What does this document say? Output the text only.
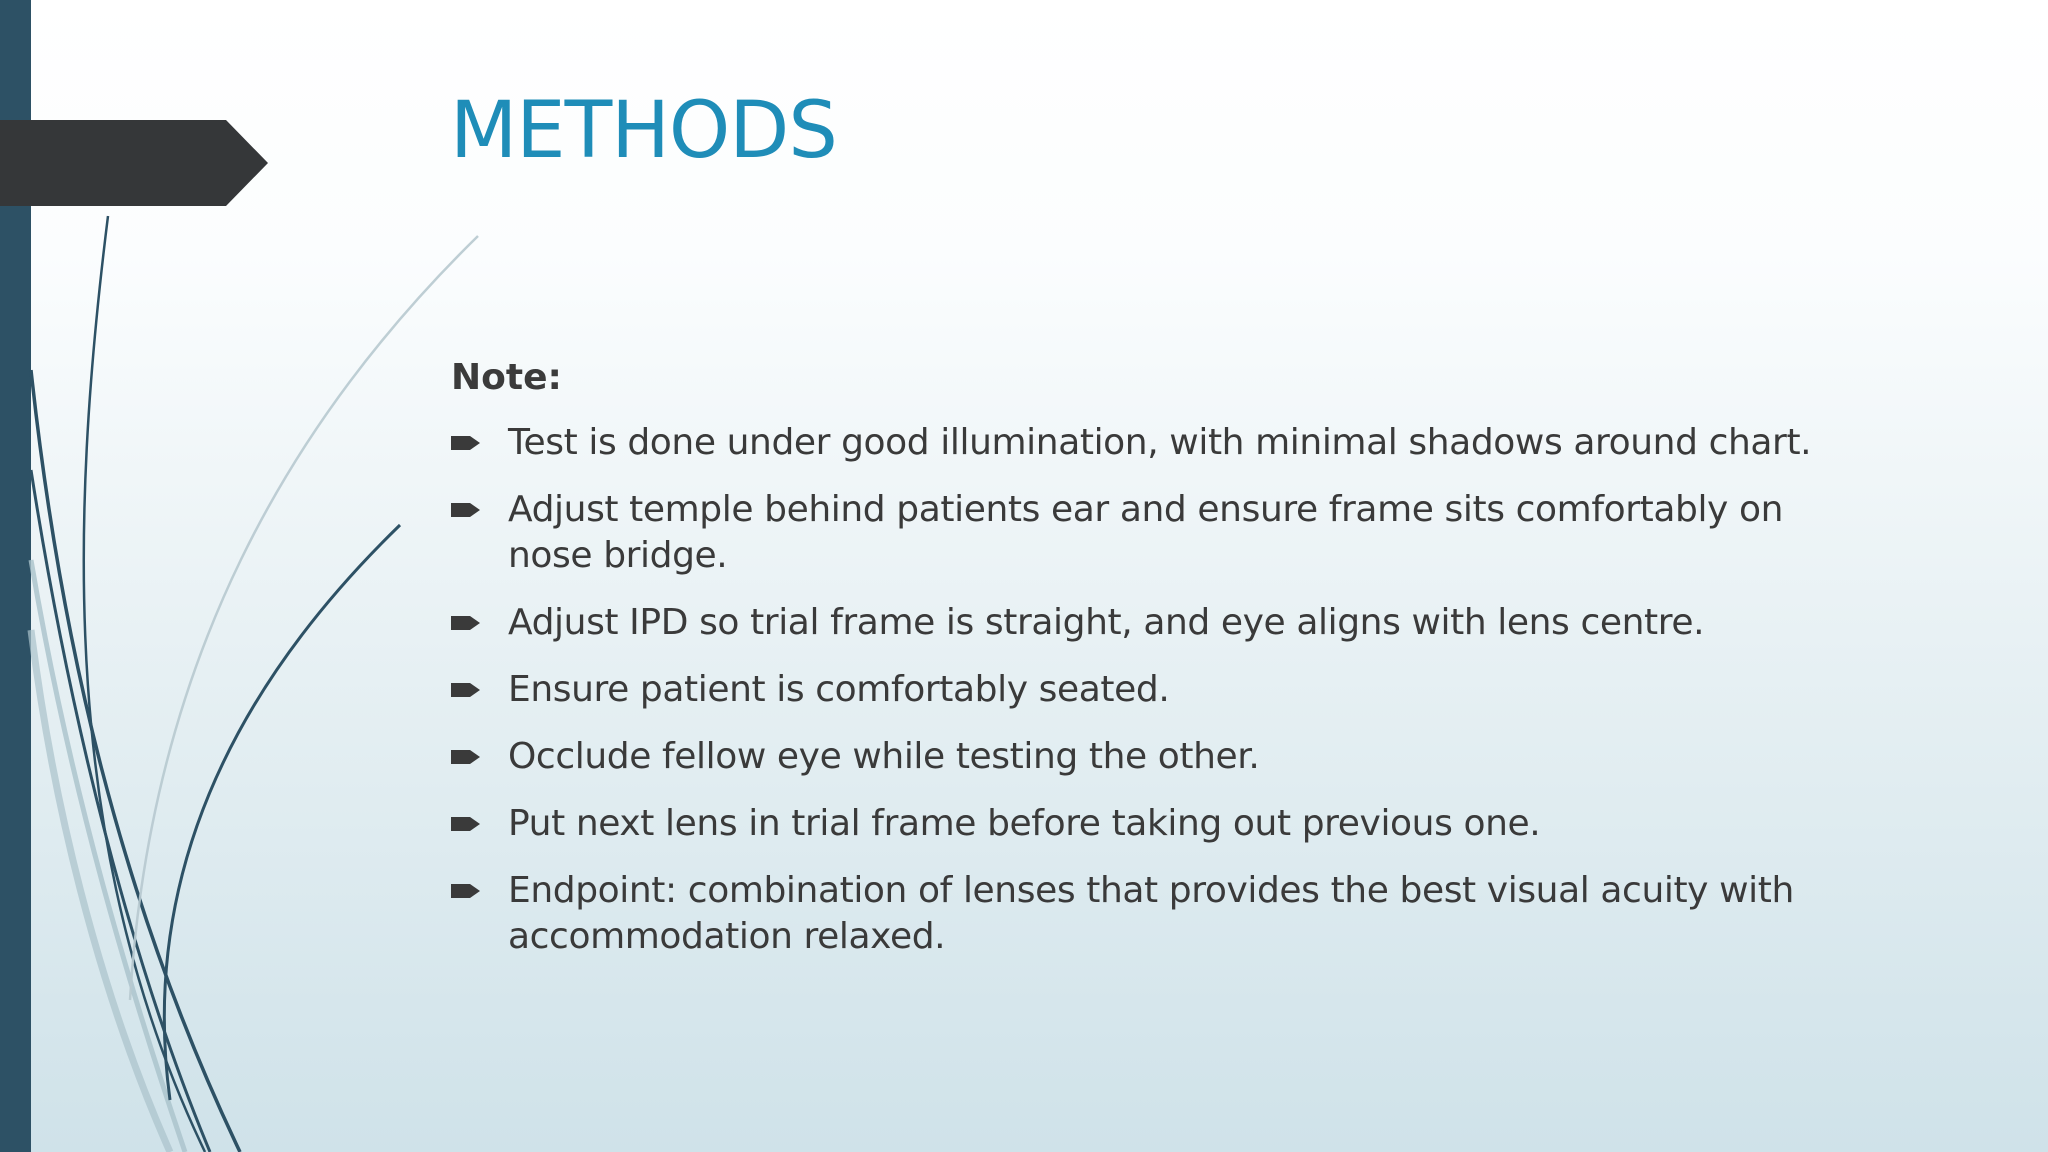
METHODS

Note:

Test is done under good illumination, with minimal shadows around chart.
Adjust temple behind patients ear and ensure frame sits comfortably on nose bridge.
Adjust IPD so trial frame is straight, and eye aligns with lens centre.
Ensure patient is comfortably seated.
Occlude fellow eye while testing the other.
Put next lens in trial frame before taking out previous one.
Endpoint: combination of lenses that provides the best visual acuity with accommodation relaxed.
